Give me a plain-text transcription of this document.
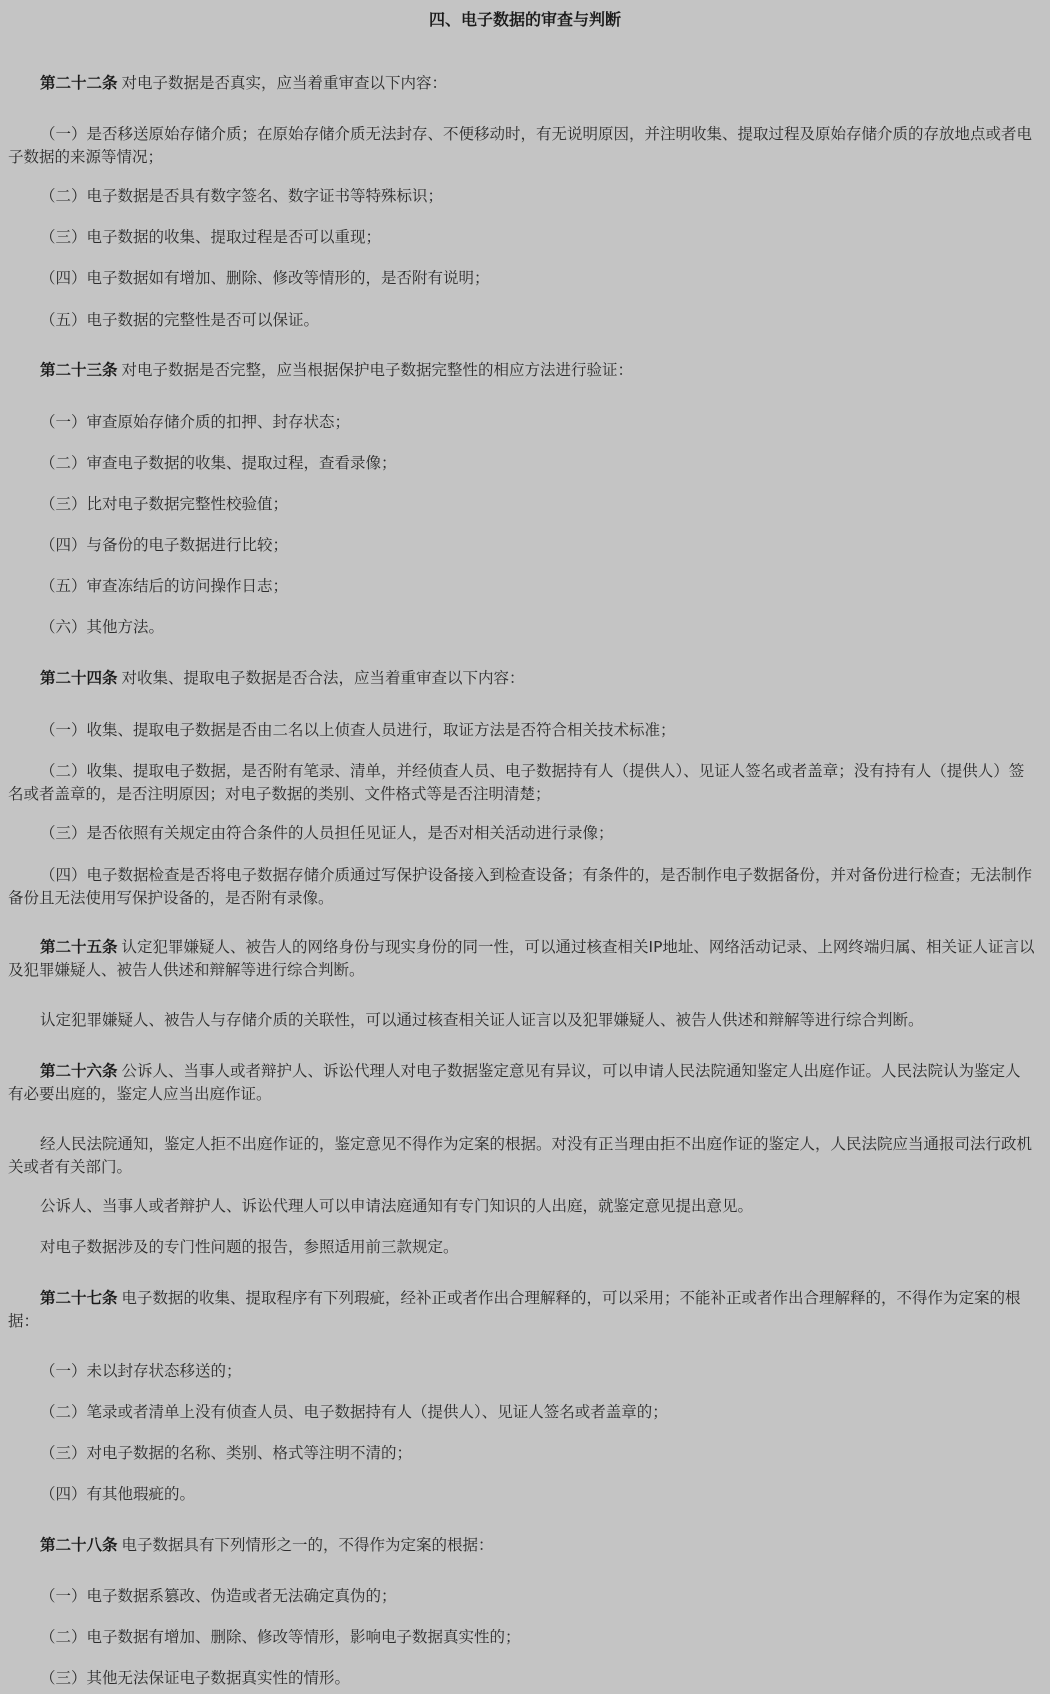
四、电子数据的审查与判断

第二十二条 对电子数据是否真实，应当着重审查以下内容：

（一）是否移送原始存储介质；在原始存储介质无法封存、不便移动时，有无说明原因，并注明收集、提取过程及原始存储介质的存放地点或者电子数据的来源等情况；

（二）电子数据是否具有数字签名、数字证书等特殊标识；

（三）电子数据的收集、提取过程是否可以重现；

（四）电子数据如有增加、删除、修改等情形的，是否附有说明；

（五）电子数据的完整性是否可以保证。

第二十三条 对电子数据是否完整，应当根据保护电子数据完整性的相应方法进行验证：

（一）审查原始存储介质的扣押、封存状态；

（二）审查电子数据的收集、提取过程，查看录像；

（三）比对电子数据完整性校验值；

（四）与备份的电子数据进行比较；

（五）审查冻结后的访问操作日志；

（六）其他方法。

第二十四条 对收集、提取电子数据是否合法，应当着重审查以下内容：

（一）收集、提取电子数据是否由二名以上侦查人员进行，取证方法是否符合相关技术标准；

（二）收集、提取电子数据，是否附有笔录、清单，并经侦查人员、电子数据持有人（提供人）、见证人签名或者盖章；没有持有人（提供人）签名或者盖章的，是否注明原因；对电子数据的类别、文件格式等是否注明清楚；

（三）是否依照有关规定由符合条件的人员担任见证人，是否对相关活动进行录像；

（四）电子数据检查是否将电子数据存储介质通过写保护设备接入到检查设备；有条件的，是否制作电子数据备份，并对备份进行检查；无法制作备份且无法使用写保护设备的，是否附有录像。

第二十五条 认定犯罪嫌疑人、被告人的网络身份与现实身份的同一性，可以通过核查相关IP地址、网络活动记录、上网终端归属、相关证人证言以及犯罪嫌疑人、被告人供述和辩解等进行综合判断。

认定犯罪嫌疑人、被告人与存储介质的关联性，可以通过核查相关证人证言以及犯罪嫌疑人、被告人供述和辩解等进行综合判断。

第二十六条 公诉人、当事人或者辩护人、诉讼代理人对电子数据鉴定意见有异议，可以申请人民法院通知鉴定人出庭作证。人民法院认为鉴定人有必要出庭的，鉴定人应当出庭作证。

经人民法院通知，鉴定人拒不出庭作证的，鉴定意见不得作为定案的根据。对没有正当理由拒不出庭作证的鉴定人，人民法院应当通报司法行政机关或者有关部门。

公诉人、当事人或者辩护人、诉讼代理人可以申请法庭通知有专门知识的人出庭，就鉴定意见提出意见。

对电子数据涉及的专门性问题的报告，参照适用前三款规定。

第二十七条 电子数据的收集、提取程序有下列瑕疵，经补正或者作出合理解释的，可以采用；不能补正或者作出合理解释的，不得作为定案的根据：

（一）未以封存状态移送的；

（二）笔录或者清单上没有侦查人员、电子数据持有人（提供人）、见证人签名或者盖章的；

（三）对电子数据的名称、类别、格式等注明不清的；

（四）有其他瑕疵的。

第二十八条 电子数据具有下列情形之一的，不得作为定案的根据：

（一）电子数据系篡改、伪造或者无法确定真伪的；

（二）电子数据有增加、删除、修改等情形，影响电子数据真实性的；

（三）其他无法保证电子数据真实性的情形。
